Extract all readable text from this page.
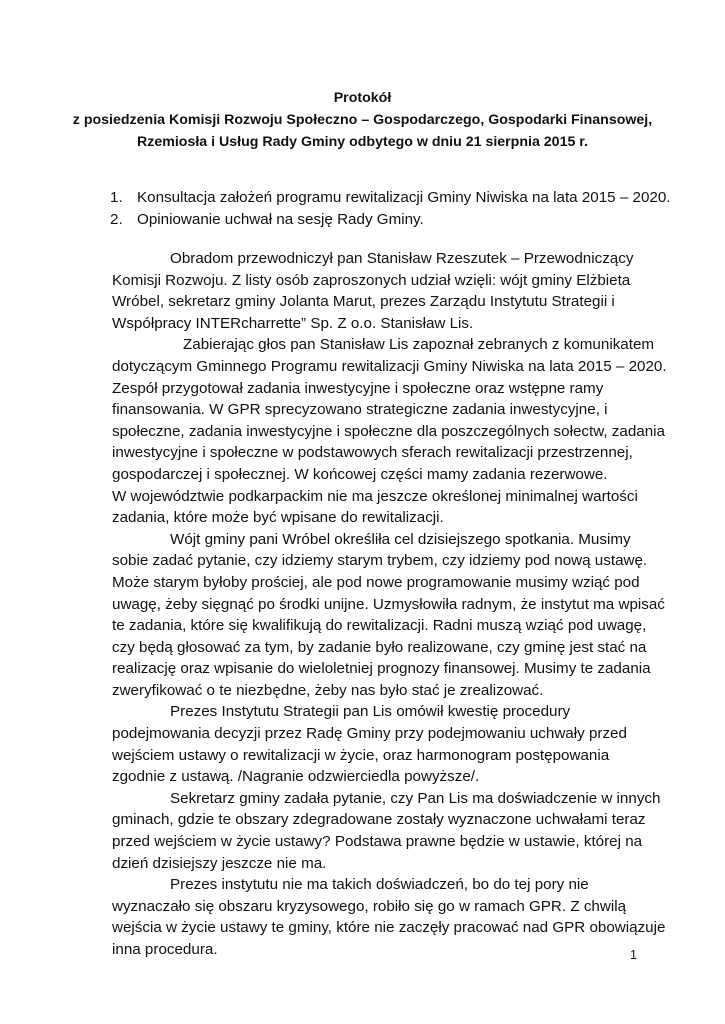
Protokół
z posiedzenia Komisji Rozwoju Społeczno – Gospodarczego, Gospodarki Finansowej,
Rzemiosła i Usług Rady Gminy odbytego w dniu 21 sierpnia 2015 r.
1. Konsultacja założeń programu rewitalizacji Gminy Niwiska na lata 2015 – 2020.
2. Opiniowanie uchwał na sesję Rady Gminy.
Obradom przewodniczył pan Stanisław Rzeszutek – Przewodniczący
Komisji Rozwoju. Z listy osób zaproszonych udział wzięli: wójt gminy Elżbieta
Wróbel, sekretarz gminy Jolanta Marut, prezes Zarządu Instytutu Strategii i
Współpracy INTERcharrette” Sp. Z o.o. Stanisław Lis.
Zabierając głos pan Stanisław Lis zapoznał zebranych z komunikatem
dotyczącym Gminnego Programu rewitalizacji Gminy Niwiska na lata 2015 – 2020.
Zespół przygotował zadania inwestycyjne i społeczne oraz wstępne ramy
finansowania. W GPR sprecyzowano strategiczne zadania inwestycyjne, i
społeczne, zadania inwestycyjne i społeczne dla poszczególnych sołectw, zadania
inwestycyjne i społeczne w podstawowych sferach rewitalizacji przestrzennej,
gospodarczej i społecznej. W końcowej części mamy zadania rezerwowe.
W województwie podkarpackim nie ma jeszcze określonej minimalnej wartości
zadania, które może być wpisane do rewitalizacji.
Wójt gminy pani Wróbel określiła cel dzisiejszego spotkania. Musimy
sobie zadać pytanie, czy idziemy starym trybem, czy idziemy pod nową ustawę.
Może starym byłoby prościej, ale pod nowe programowanie musimy wziąć pod
uwagę, żeby sięgnąć po środki unijne. Uzmysłowiła radnym, że instytut ma wpisać
te zadania, które się kwalifikują do rewitalizacji. Radni muszą wziąć pod uwagę,
czy będą głosować za tym, by zadanie było realizowane, czy gminę jest stać na
realizację oraz wpisanie do wieloletniej prognozy finansowej. Musimy te zadania
zweryfikować o te niezbędne, żeby nas było stać je zrealizować.
Prezes Instytutu Strategii pan Lis omówił kwestię procedury
podejmowania decyzji przez Radę Gminy przy podejmowaniu uchwały przed
wejściem ustawy o rewitalizacji w życie, oraz harmonogram postępowania
zgodnie z ustawą. /Nagranie odzwierciedla powyższe/.
Sekretarz gminy zadała pytanie, czy Pan Lis ma doświadczenie w innych
gminach, gdzie te obszary zdegradowane zostały wyznaczone uchwałami teraz
przed wejściem w życie ustawy? Podstawa prawne będzie w ustawie, której na
dzień dzisiejszy jeszcze nie ma.
Prezes instytutu nie ma takich doświadczeń, bo do tej pory nie
wyznaczało się obszaru kryzysowego, robiło się go w ramach GPR. Z chwilą
wejścia w życie ustawy te gminy, które nie zaczęły pracować nad GPR obowiązuje
inna procedura.	1
